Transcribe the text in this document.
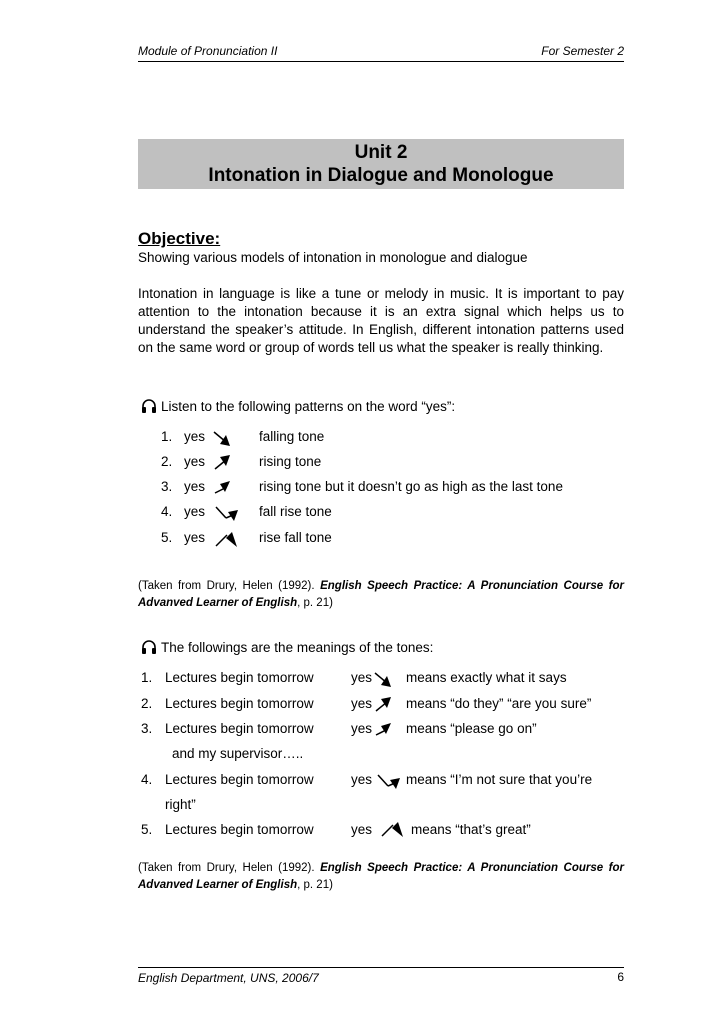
Module of Pronunciation II	For Semester 2
Unit 2
Intonation in Dialogue and Monologue
Objective:
Showing various models of intonation in monologue and dialogue
Intonation in language is like a tune or melody in music. It is important to pay attention to the intonation because it is an extra signal which helps us to understand the speaker’s attitude. In English, different intonation patterns used on the same word or group of words tell us what the speaker is really thinking.
Listen to the following patterns on the word “yes”:
1. yes	falling tone
2. yes	rising tone
3. yes	rising tone but it doesn’t go as high as the last tone
4. yes	fall rise tone
5. yes	rise fall tone
(Taken from Drury, Helen (1992). English Speech Practice: A Pronunciation Course for Advanved Learner of English, p. 21)
The followings are the meanings of the tones:
1. Lectures begin tomorrow	yes	means exactly what it says
2. Lectures begin tomorrow	yes	means “do they” “are you sure”
3. Lectures begin tomorrow	yes	means “please go on”
and my supervisor…..
4. Lectures begin tomorrow	yes	means “I’m not sure that you’re
right”
5. Lectures begin tomorrow	yes	means “that’s great”
(Taken from Drury, Helen (1992). English Speech Practice: A Pronunciation Course for Advanved Learner of English, p. 21)
English Department, UNS, 2006/7	6
